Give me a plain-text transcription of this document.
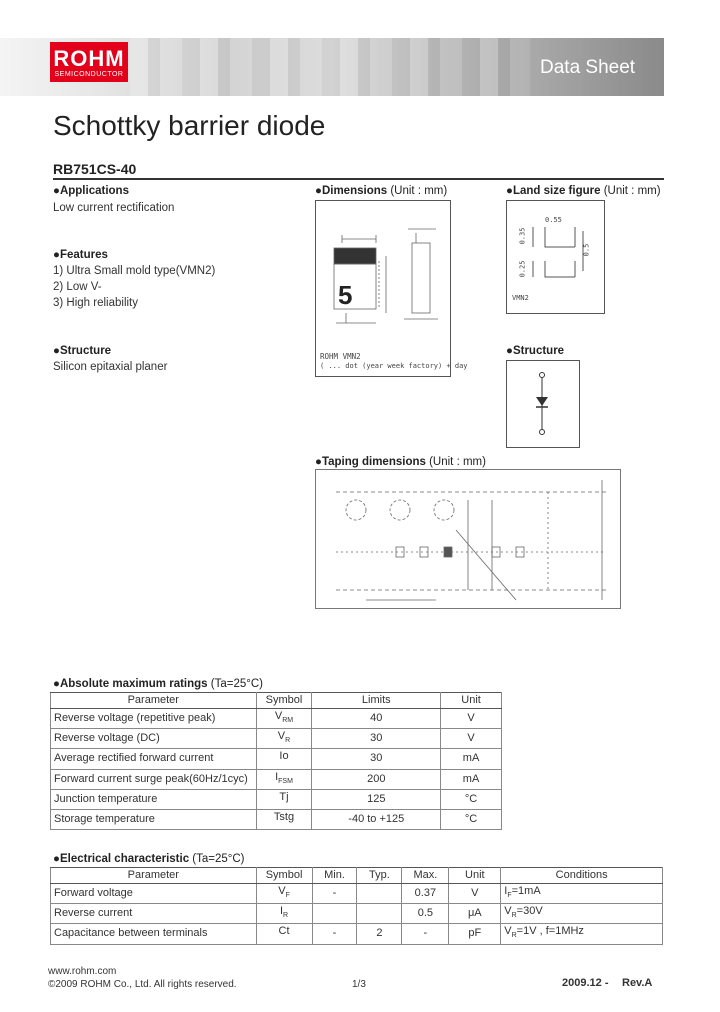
ROHM
SEMICONDUCTOR	Data Sheet
Schottky barrier diode
RB751CS-40
●Applications
Low current rectification
●Features
1) Ultra Small mold type(VMN2)
2) Low V-
3) High reliability
●Structure
Silicon epitaxial planer
●Dimensions (Unit : mm)
5
ROHM VMN2
( ... dot (year week factory) + day
●Land size figure (Unit : mm)
0.55
0.35
0.25
0.5
VMN2
●Structure
●Taping dimensions (Unit : mm)
●Absolute maximum ratings (Ta=25°C)
Parameter	Symbol	Limits	Unit
Reverse voltage (repetitive peak)	$V_{RM}$	40	V
Reverse voltage (DC)	$V_R$	30	V
Average rectified forward current	Io	30	mA
Forward current surge peak(60Hz/1cyc)	$I_{FSM}$	200	mA
Junction temperature	Tj	125	°C
Storage temperature	Tstg	-40 to +125	°C
●Electrical characteristic (Ta=25°C)
Parameter	Symbol	Min.	Typ.	Max.	Unit	Conditions
Forward voltage	$V_F$	-		0.37	V	$I_F=1mA$
Reverse current	$I_R$			0.5	μA	$V_R=30V$
Capacitance between terminals	Ct	-	2	-	pF	$V_R=1V$ , f=1MHz
www.rohm.com
©2009 ROHM Co., Ltd. All rights reserved.	1/3	2009.12 - Rev.A
